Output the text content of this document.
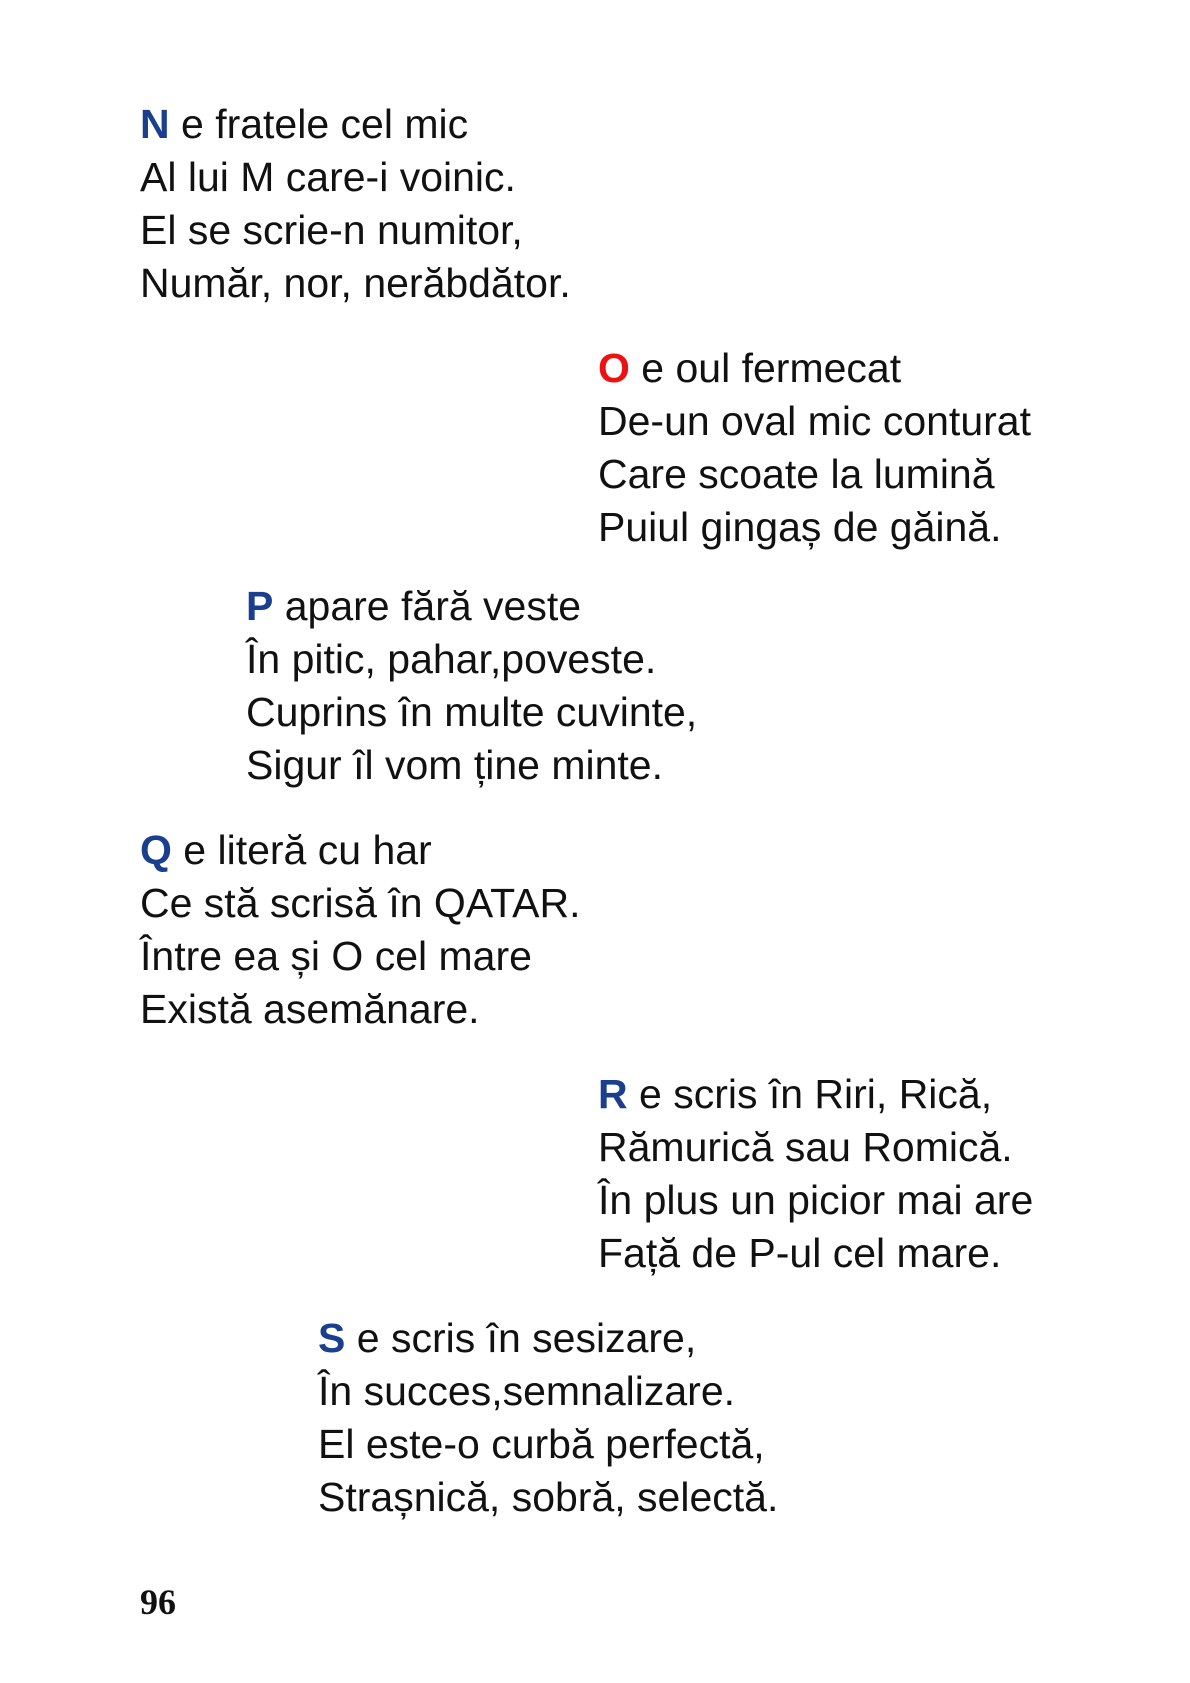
N e fratele cel mic
Al lui M care-i voinic.
El se scrie-n numitor,
Număr, nor, nerăbdător.
O e oul fermecat
De-un oval mic conturat
Care scoate la lumină
Puiul gingaș de găină.
P apare fără veste
În pitic, pahar,poveste.
Cuprins în multe cuvinte,
Sigur îl vom ține minte.
Q e literă cu har
Ce stă scrisă în QATAR.
Între ea și O cel mare
Există asemănare.
R e scris în Riri, Rică,
Rămurică sau Romică.
În plus un picior mai are
Față de P-ul cel mare.
S e scris în sesizare,
În succes,semnalizare.
El este-o curbă perfectă,
Strașnică, sobră, selectă.
96
